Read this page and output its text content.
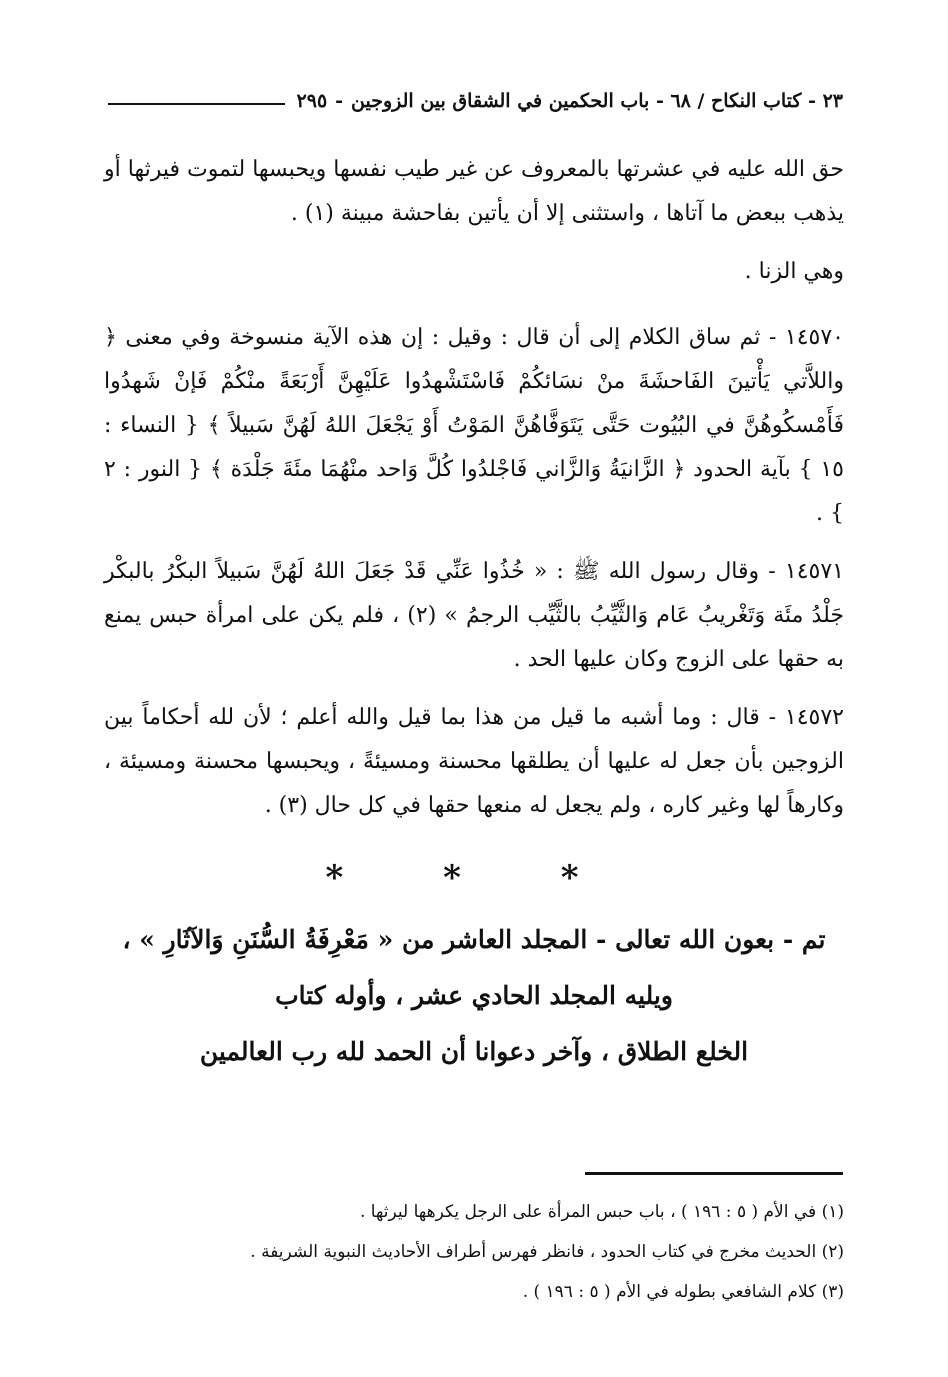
٢٣ - كتاب النكاح / ٦٨ - باب الحكمين في الشقاق بين الزوجين
-
٢٩٥

حق الله عليه في عشرتها بالمعروف عن غير طيب نفسها ويحبسها لتموت فيرثها أو يذهب ببعض ما آتاها ، واستثنى إلا أن يأتين بفاحشة مبينة (١) .

وهي الزنا .

١٤٥٧٠ - ثم ساق الكلام إلى أن قال : وقيل : إن هذه الآية منسوخة وفي معنى ﴿ واللاَّتي يَأْتينَ الفَاحشَةَ منْ نسَائكُمْ فَاسْتَشْهدُوا عَلَيْهِنَّ أَرْبَعَةً منْكُمْ فَإنْ شَهدُوا فَأَمْسكُوهُنَّ في البُيُوت حَتَّى يَتَوَفَّاهُنَّ المَوْتُ أَوْ يَجْعَلَ اللهُ لَهُنَّ سَبيلاً ﴾ { النساء : ١٥ } بآية الحدود ﴿ الزَّانيَةُ وَالزَّاني فَاجْلدُوا كُلَّ وَاحد منْهُمَا مئَةَ جَلْدَة ﴾ { النور : ٢ } .

١٤٥٧١ - وقال رسول الله ﷺ : « خُذُوا عَنِّي قَدْ جَعَلَ اللهُ لَهُنَّ سَبيلاً البكْرُ بالبكْر جَلْدُ مئَة وَتَغْريبُ عَام وَالثَّيِّبُ بالثَّيِّب الرجمُ » (٢) ، فلم يكن على امرأة حبس يمنع به حقها على الزوج وكان عليها الحد .

١٤٥٧٢ - قال : وما أشبه ما قيل من هذا بما قيل والله أعلم ؛ لأن لله أحكاماً بين الزوجين بأن جعل له عليها أن يطلقها محسنة ومسيئةً ، ويحبسها محسنة ومسيئة ، وكارهاً لها وغير كاره ، ولم يجعل له منعها حقها في كل حال (٣) .

* * *
تم - بعون الله تعالى - المجلد العاشر من « مَعْرِفَةُ السُّنَنِ وَالآثَارِ » ،
ويليه المجلد الحادي عشر ، وأوله كتاب
الخلع الطلاق ، وآخر دعوانا أن الحمد لله رب العالمين

(١) في الأم ( ٥ : ١٩٦ ) ، باب حبس المرأة على الرجل يكرهها ليرثها .

(٢) الحديث مخرج في كتاب الحدود ، فانظر فهرس أطراف الأحاديث النبوية الشريفة .

(٣) كلام الشافعي بطوله في الأم ( ٥ : ١٩٦ ) .
